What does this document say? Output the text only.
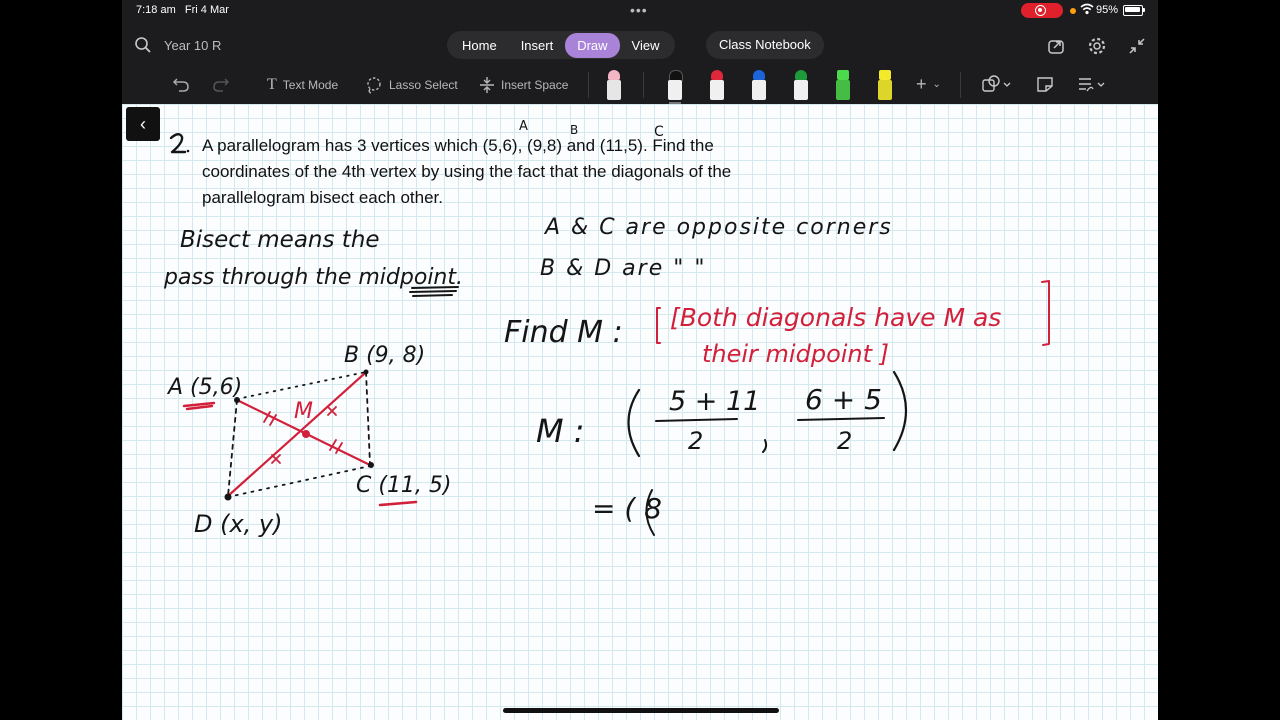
7:18 am Fri 4 Mar	•••	95%
Year 10 R	Home	Insert	Draw	View	Class Notebook
T Text Mode	Lasso Select	Insert Space	+ ⌄
A parallelogram has 3 vertices which (5,6), (9,8) and (11,5). Find the coordinates of the 4th vertex by using the fact that the diagonals of the parallelogram bisect each other.
A	B	C
Bisect means the
pass through the midpoint.
A & C are opposite corners
B & D are " "
Find M :
M :
5 + 11
2
6 + 5
2
= ( 8
[Both diagonals have M as
their midpoint ]
A (5,6)
B (9, 8)
C (11, 5)
D (x, y)
M
‹
